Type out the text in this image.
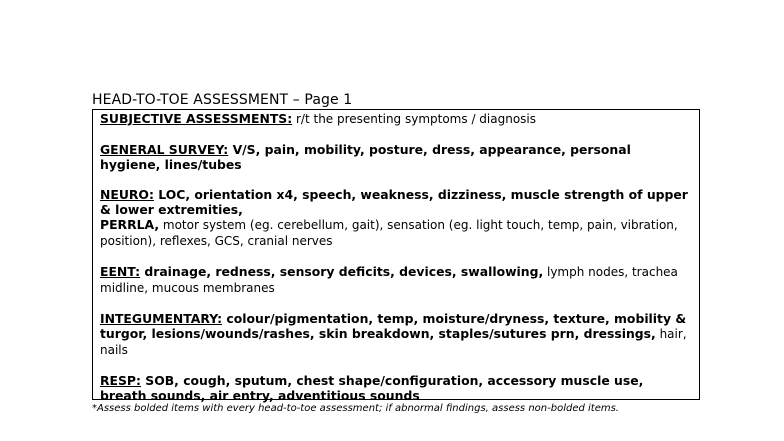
HEAD-TO-TOE ASSESSMENT – Page 1

SUBJECTIVE ASSESSMENTS: r/t the presenting symptoms / diagnosis

GENERAL SURVEY: V/S, pain, mobility, posture, dress, appearance, personal hygiene, lines/tubes

NEURO: LOC, orientation x4, speech, weakness, dizziness, muscle strength of upper & lower extremities,
PERRLA, motor system (eg. cerebellum, gait), sensation (eg. light touch, temp, pain, vibration, position), reflexes, GCS, cranial nerves

EENT: drainage, redness, sensory deficits, devices, swallowing, lymph nodes, trachea midline, mucous membranes

INTEGUMENTARY: colour/pigmentation, temp, moisture/dryness, texture, mobility & turgor, lesions/wounds/rashes, skin breakdown, staples/sutures prn, dressings, hair, nails

RESP: SOB, cough, sputum, chest shape/configuration, accessory muscle use, breath sounds, air entry, adventitious sounds

*Assess bolded items with every head-to-toe assessment; if abnormal findings, assess non-bolded items.
